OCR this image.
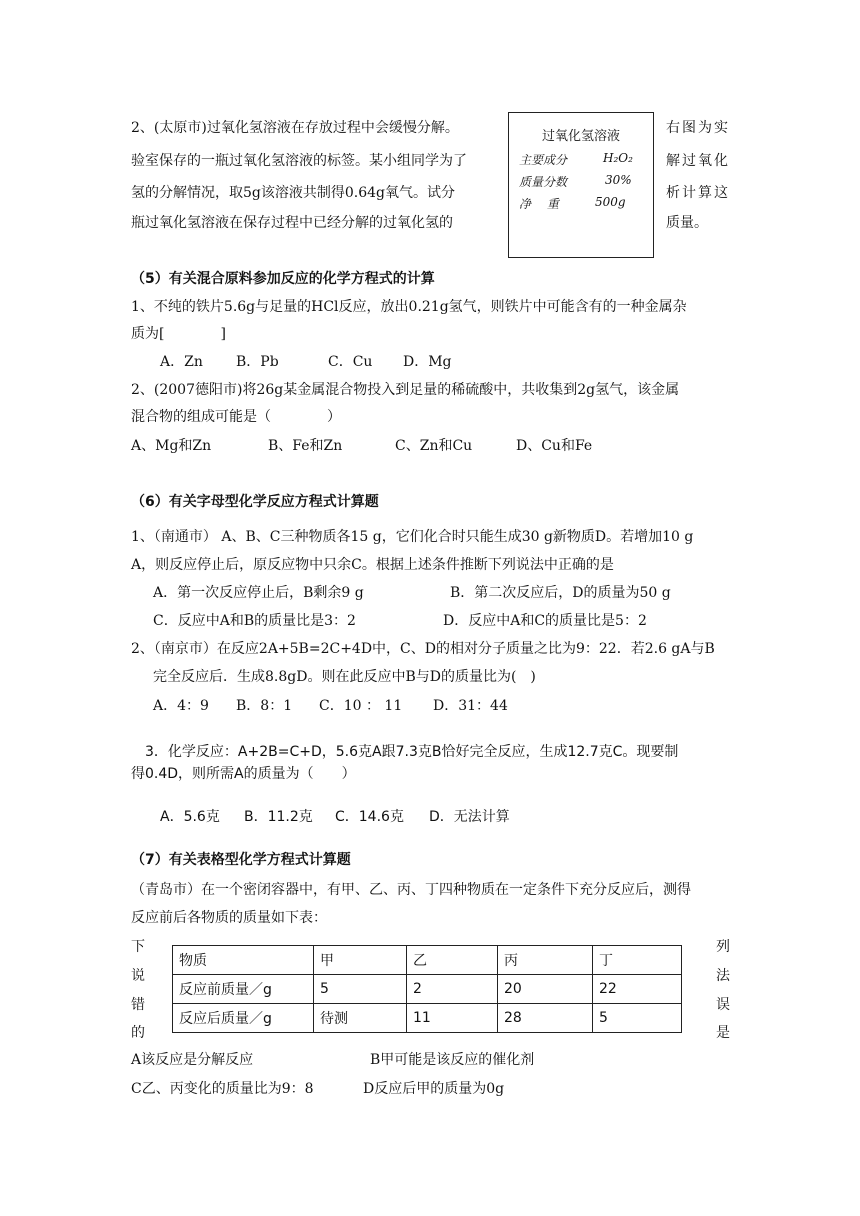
2、(太原市)过氧化氢溶液在存放过程中会缓慢分解。
验室保存的一瓶过氧化氢溶液的标签。某小组同学为了
氢的分解情况，取5g该溶液共制得0.64g氧气。试分
瓶过氧化氢溶液在保存过程中已经分解的过氧化氢的
过氧化氢溶液
主要成分	H₂O₂
质量分数	30%
净　 重	500g
右图为实
解过氧化
析计算这
质量。
（5）有关混合原料参加反应的化学方程式的计算
1、不纯的铁片5.6g与足量的HCl反应，放出0.21g氢气，则铁片中可能含有的一种金属杂
质为[　　　　]
A．Zn B．Pb	C．Cu D．Mg
2、(2007德阳市)将26g某金属混合物投入到足量的稀硫酸中，共收集到2g氢气，该金属
混合物的组成可能是（　　　　）
A、Mg和Zn	B、Fe和Zn	C、Zn和Cu	D、Cu和Fe
（6）有关字母型化学反应方程式计算题
1、（南通市） A、B、C三种物质各15 g，它们化合时只能生成30 g新物质D。若增加10 g
A，则反应停止后，原反应物中只余C。根据上述条件推断下列说法中正确的是
A．第一次反应停止后，B剩余9 g	B．第二次反应后，D的质量为50 g
C．反应中A和B的质量比是3：2	D．反应中A和C的质量比是5：2
2、（南京市）在反应2A+5B=2C+4D中，C、D的相对分子质量之比为9：22．若2.6 gA与B
完全反应后．生成8.8gD。则在此反应中B与D的质量比为(　)
A．4：9 B．8：1 C．10 ： 11 D．31：44
3．化学反应：A+2B=C+D，5.6克A跟7.3克B恰好完全反应，生成12.7克C。现要制
得0.4D，则所需A的质量为（　　）
A．5.6克 B．11.2克 C．14.6克 D．无法计算
（7）有关表格型化学方程式计算题
（青岛市）在一个密闭容器中，有甲、乙、丙、丁四种物质在一定条件下充分反应后，测得
反应前后各物质的质量如下表：
下
说
错
的
列
法
误
是
物质	甲	乙	丙	丁
反应前质量／g	5	2	20	22
反应后质量／g	待测	11	28	5
A该反应是分解反应	B甲可能是该反应的催化剂
C乙、丙变化的质量比为9：8	D反应后甲的质量为0g
